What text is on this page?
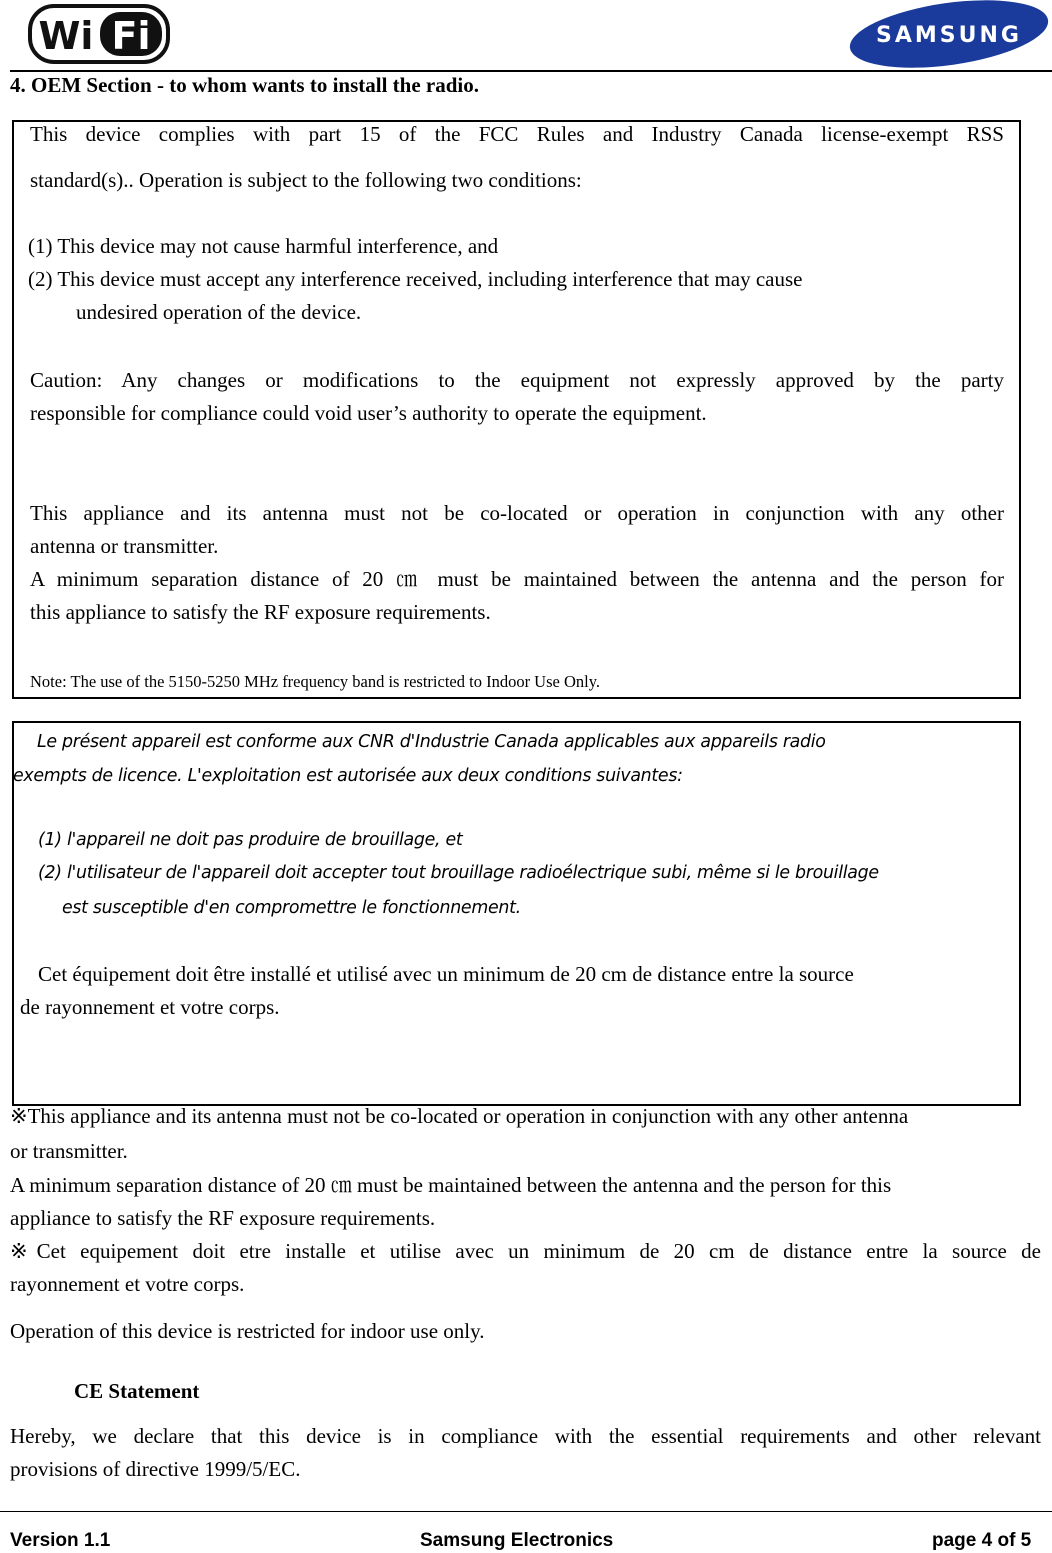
Wi Fi	SAMSUNG
4. OEM Section - to whom wants to install the radio.
This device complies with part 15 of the FCC Rules and Industry Canada license-exempt RSS
standard(s).. Operation is subject to the following two conditions:
(1) This device may not cause harmful interference, and
(2) This device must accept any interference received, including interference that may cause
undesired operation of the device.
Caution: Any changes or modifications to the equipment not expressly approved by the party
responsible for compliance could void user’s authority to operate the equipment.
This appliance and its antenna must not be co-located or operation in conjunction with any other
antenna or transmitter.
A minimum separation distance of 20 ㎝ must be maintained between the antenna and the person for
this appliance to satisfy the RF exposure requirements.
Note: The use of the 5150-5250 MHz frequency band is restricted to Indoor Use Only.
Le présent appareil est conforme aux CNR d'Industrie Canada applicables aux appareils radio
exempts de licence. L'exploitation est autorisée aux deux conditions suivantes:
(1) l'appareil ne doit pas produire de brouillage, et
(2) l'utilisateur de l'appareil doit accepter tout brouillage radioélectrique subi, même si le brouillage
est susceptible d'en compromettre le fonctionnement.
Cet équipement doit être installé et utilisé avec un minimum de 20 cm de distance entre la source
de rayonnement et votre corps.
※This appliance and its antenna must not be co-located or operation in conjunction with any other antenna
or transmitter.
A minimum separation distance of 20 ㎝ must be maintained between the antenna and the person for this
appliance to satisfy the RF exposure requirements.
※Cet equipement doit etre installe et utilise avec un minimum de 20 cm de distance entre la source de
rayonnement et votre corps.
Operation of this device is restricted for indoor use only.
CE Statement
Hereby, we declare that this device is in compliance with the essential requirements and other relevant
provisions of directive 1999/5/EC.
Version 1.1	Samsung Electronics	page 4 of 5
